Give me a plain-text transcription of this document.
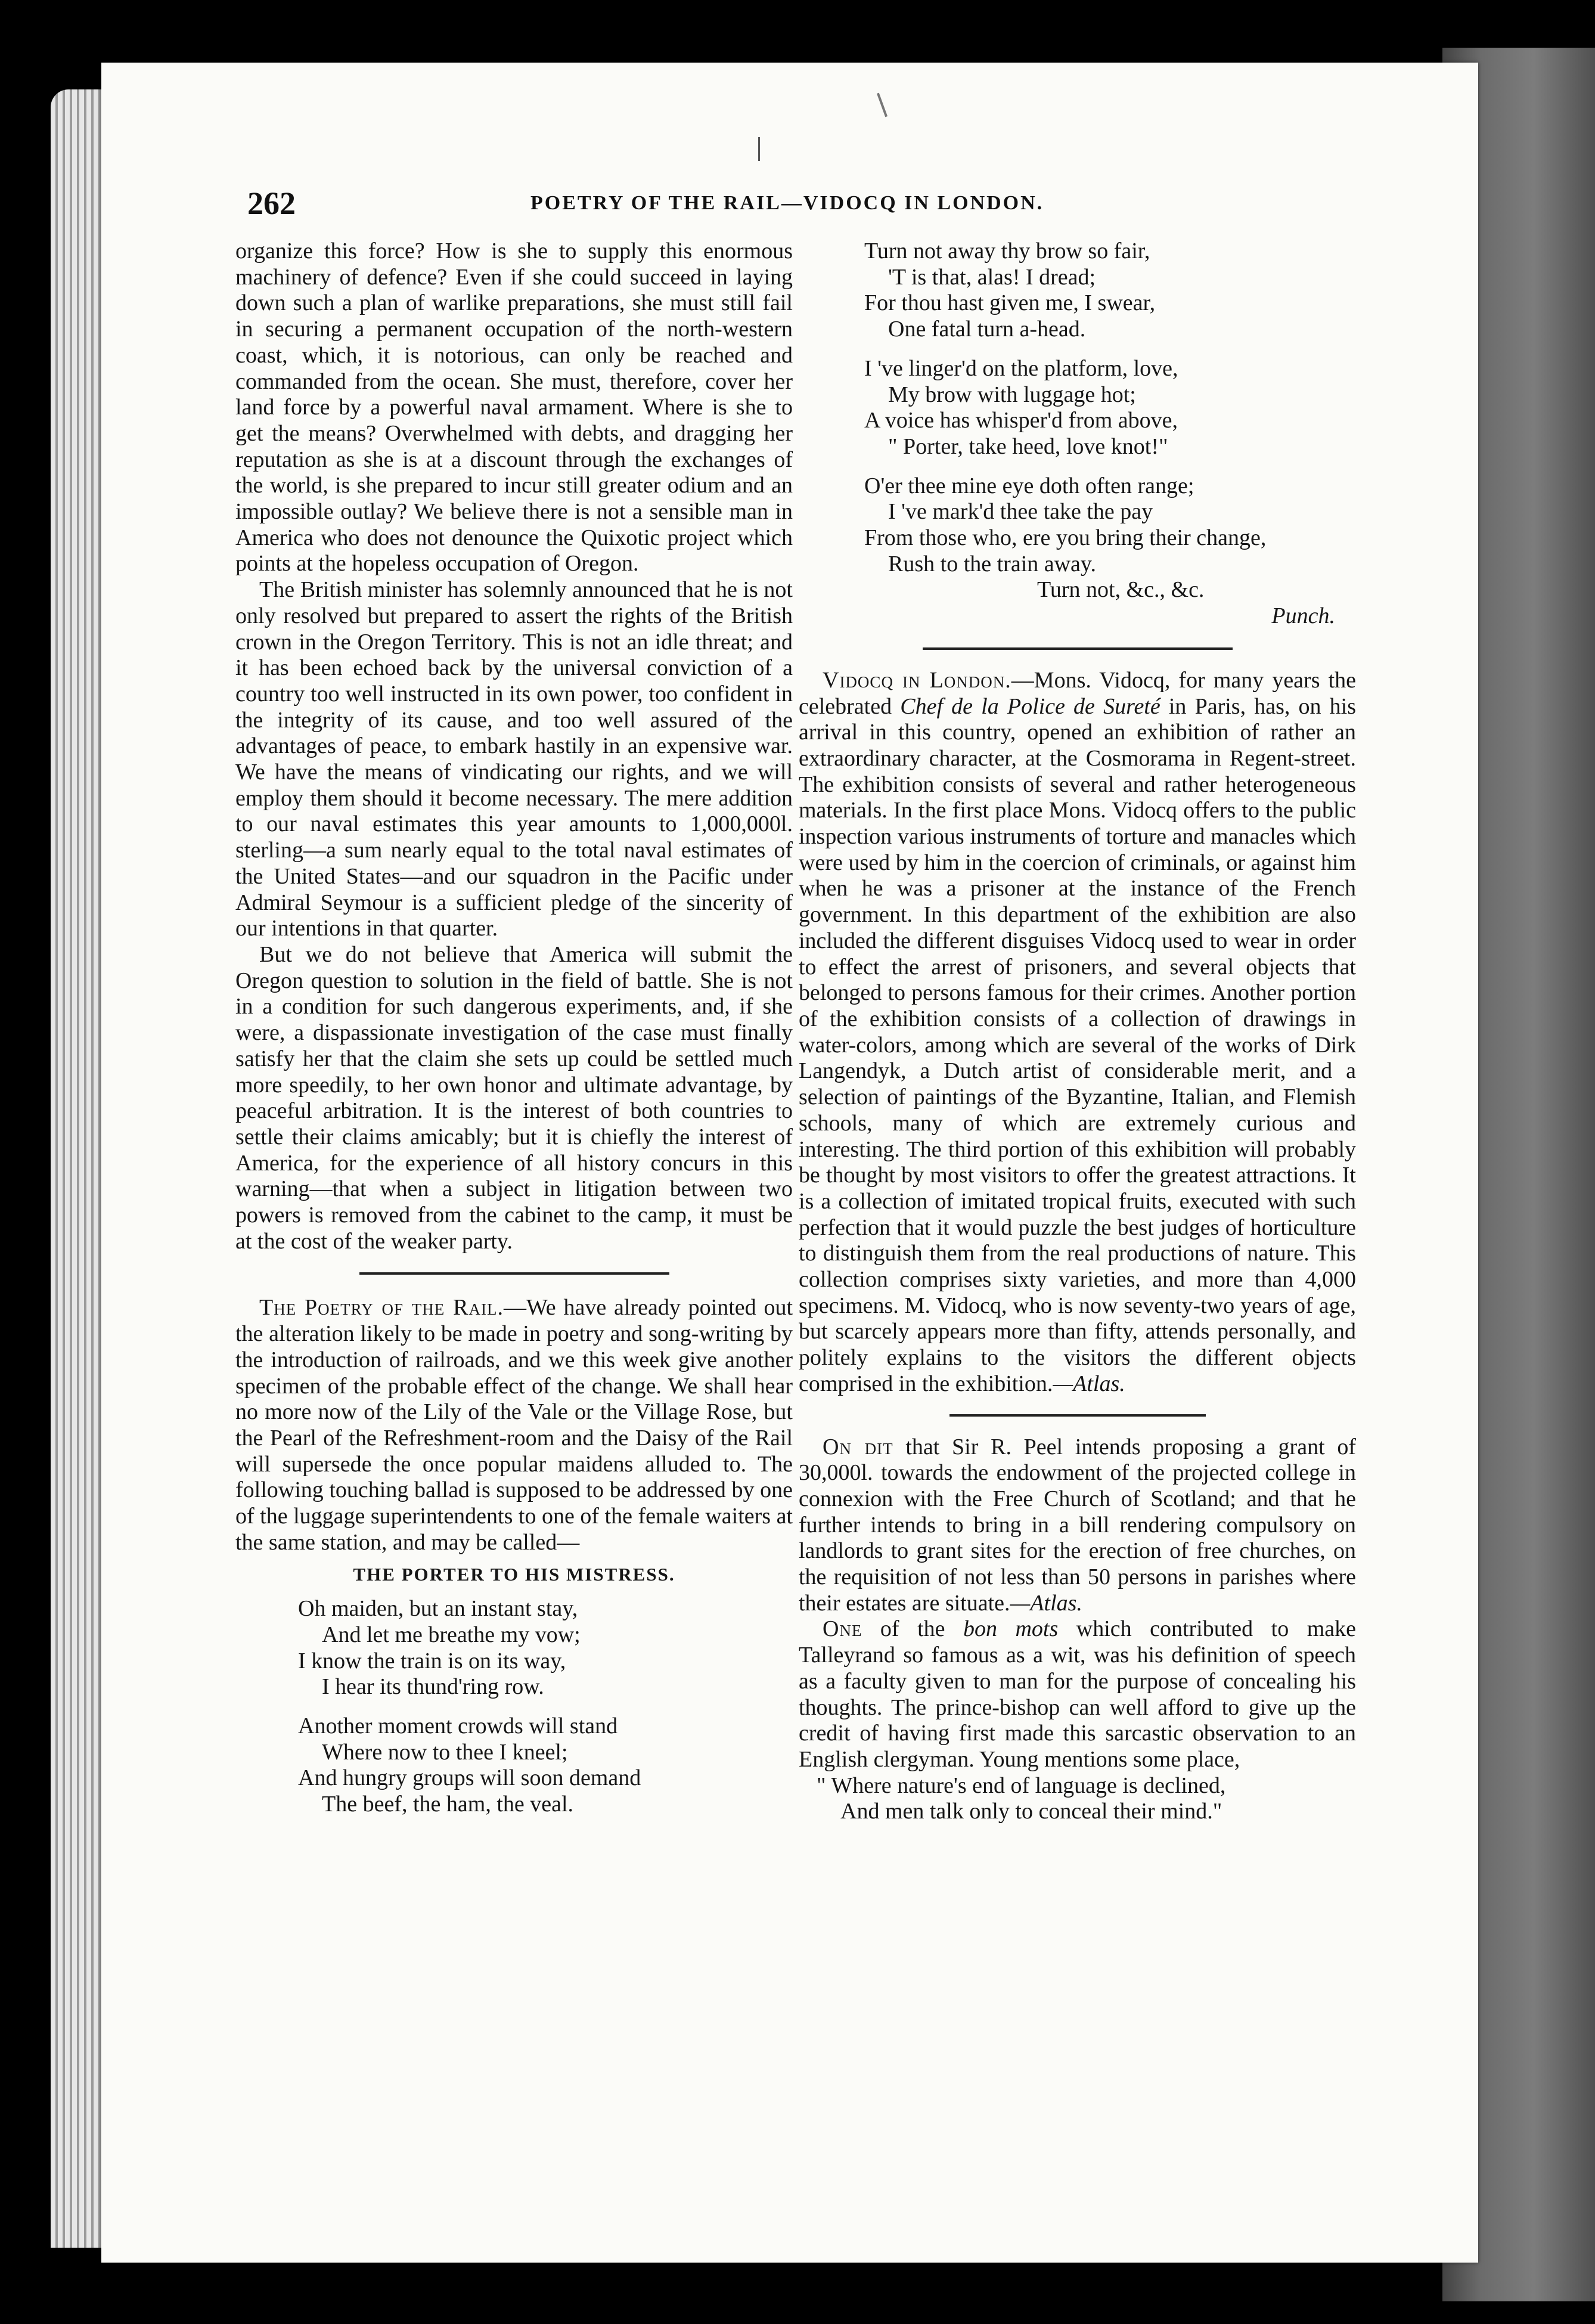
262	POETRY OF THE RAIL—VIDOCQ IN LONDON.

organize this force? How is she to supply this enormous machinery of defence? Even if she could succeed in laying down such a plan of warlike preparations, she must still fail in securing a permanent occupation of the north-western coast, which, it is notorious, can only be reached and commanded from the ocean. She must, therefore, cover her land force by a powerful naval armament. Where is she to get the means? Overwhelmed with debts, and dragging her reputation as she is at a discount through the exchanges of the world, is she prepared to incur still greater odium and an impossible outlay? We believe there is not a sensible man in America who does not denounce the Quixotic project which points at the hopeless occupation of Oregon.

The British minister has solemnly announced that he is not only resolved but prepared to assert the rights of the British crown in the Oregon Territory. This is not an idle threat; and it has been echoed back by the universal conviction of a country too well instructed in its own power, too confident in the integrity of its cause, and too well assured of the advantages of peace, to embark hastily in an expensive war. We have the means of vindicating our rights, and we will employ them should it become necessary. The mere addition to our naval estimates this year amounts to 1,000,000l. sterling—a sum nearly equal to the total naval estimates of the United States—and our squadron in the Pacific under Admiral Seymour is a sufficient pledge of the sincerity of our intentions in that quarter.

But we do not believe that America will submit the Oregon question to solution in the field of battle. She is not in a condition for such dangerous experiments, and, if she were, a dispassionate investigation of the case must finally satisfy her that the claim she sets up could be settled much more speedily, to her own honor and ultimate advantage, by peaceful arbitration. It is the interest of both countries to settle their claims amicably; but it is chiefly the interest of America, for the experience of all history concurs in this warning—that when a subject in litigation between two powers is removed from the cabinet to the camp, it must be at the cost of the weaker party.

The Poetry of the Rail.—We have already pointed out the alteration likely to be made in poetry and song-writing by the introduction of railroads, and we this week give another specimen of the probable effect of the change. We shall hear no more now of the Lily of the Vale or the Village Rose, but the Pearl of the Refreshment-room and the Daisy of the Rail will supersede the once popular maidens alluded to. The following touching ballad is supposed to be addressed by one of the luggage superintendents to one of the female waiters at the same station, and may be called—

THE PORTER TO HIS MISTRESS.
Oh maiden, but an instant stay,
And let me breathe my vow;
I know the train is on its way,
I hear its thund'ring row.
Another moment crowds will stand
Where now to thee I kneel;
And hungry groups will soon demand
The beef, the ham, the veal.
Turn not away thy brow so fair,
'T is that, alas! I dread;
For thou hast given me, I swear,
One fatal turn a-head.
I 've linger'd on the platform, love,
My brow with luggage hot;
A voice has whisper'd from above,
" Porter, take heed, love knot!"
O'er thee mine eye doth often range;
I 've mark'd thee take the pay
From those who, ere you bring their change,
Rush to the train away.
Turn not, &c., &c.
Punch.

Vidocq in London.—Mons. Vidocq, for many years the celebrated Chef de la Police de Sureté in Paris, has, on his arrival in this country, opened an exhibition of rather an extraordinary character, at the Cosmorama in Regent-street. The exhibition consists of several and rather heterogeneous materials. In the first place Mons. Vidocq offers to the public inspection various instruments of torture and manacles which were used by him in the coercion of criminals, or against him when he was a prisoner at the instance of the French government. In this department of the exhibition are also included the different disguises Vidocq used to wear in order to effect the arrest of prisoners, and several objects that belonged to persons famous for their crimes. Another portion of the exhibition consists of a collection of drawings in water-colors, among which are several of the works of Dirk Langendyk, a Dutch artist of considerable merit, and a selection of paintings of the Byzantine, Italian, and Flemish schools, many of which are extremely curious and interesting. The third portion of this exhibition will probably be thought by most visitors to offer the greatest attractions. It is a collection of imitated tropical fruits, executed with such perfection that it would puzzle the best judges of horticulture to distinguish them from the real productions of nature. This collection comprises sixty varieties, and more than 4,000 specimens. M. Vidocq, who is now seventy-two years of age, but scarcely appears more than fifty, attends personally, and politely explains to the visitors the different objects comprised in the exhibition.—Atlas.

On dit that Sir R. Peel intends proposing a grant of 30,000l. towards the endowment of the projected college in connexion with the Free Church of Scotland; and that he further intends to bring in a bill rendering compulsory on landlords to grant sites for the erection of free churches, on the requisition of not less than 50 persons in parishes where their estates are situate.—Atlas.

One of the bon mots which contributed to make Talleyrand so famous as a wit, was his definition of speech as a faculty given to man for the purpose of concealing his thoughts. The prince-bishop can well afford to give up the credit of having first made this sarcastic observation to an English clergyman. Young mentions some place,

" Where nature's end of language is declined,
And men talk only to conceal their mind."
